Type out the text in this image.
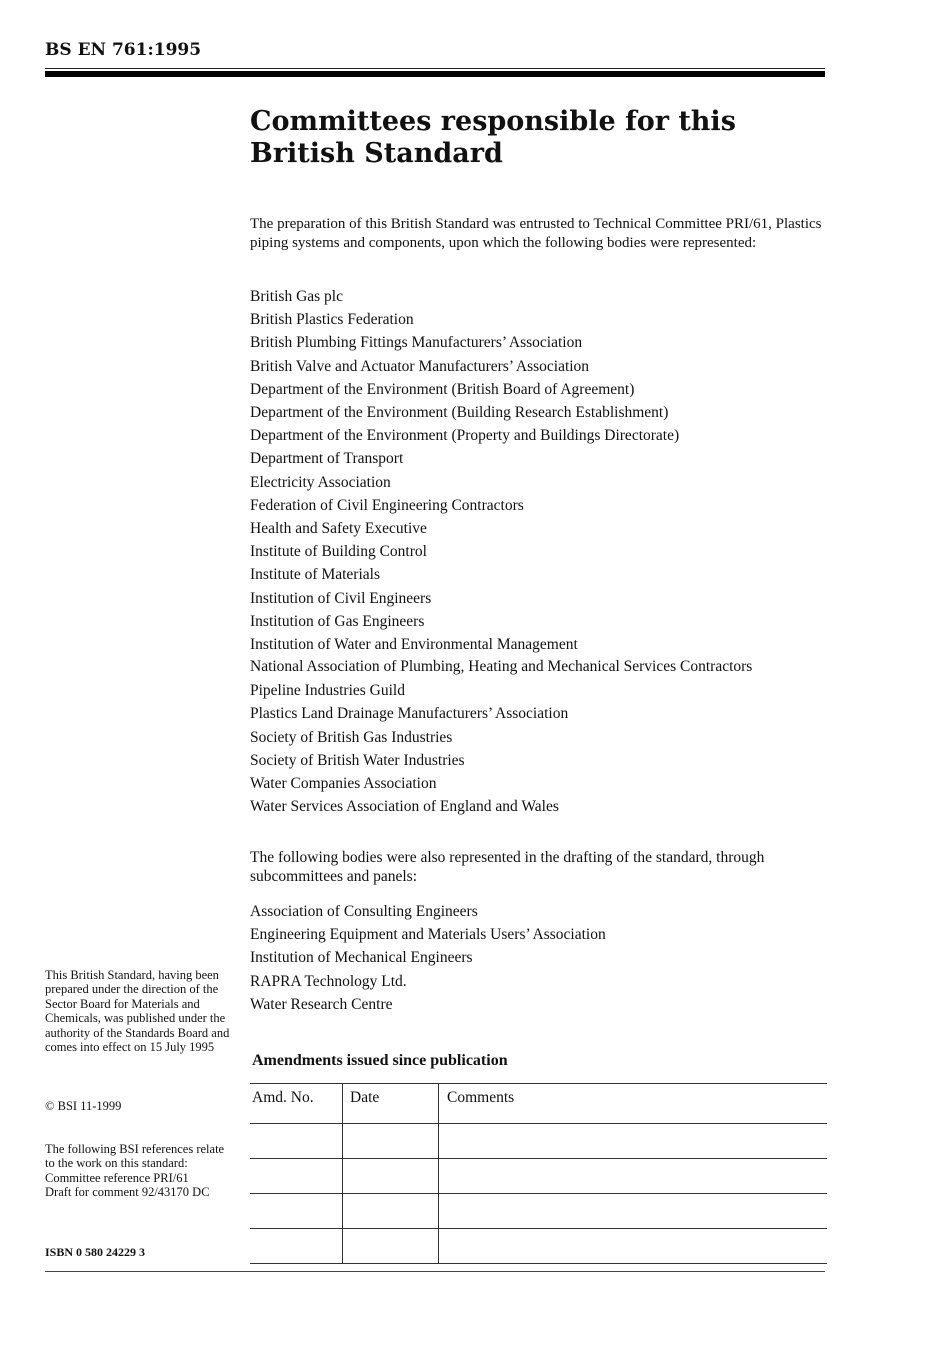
BS EN 761:1995
Committees responsible for this British Standard

The preparation of this British Standard was entrusted to Technical Committee PRI/61, Plastics piping systems and components, upon which the following bodies were represented:

British Gas plc
British Plastics Federation
British Plumbing Fittings Manufacturers’ Association
British Valve and Actuator Manufacturers’ Association
Department of the Environment (British Board of Agreement)
Department of the Environment (Building Research Establishment)
Department of the Environment (Property and Buildings Directorate)
Department of Transport
Electricity Association
Federation of Civil Engineering Contractors
Health and Safety Executive
Institute of Building Control
Institute of Materials
Institution of Civil Engineers
Institution of Gas Engineers
Institution of Water and Environmental Management
National Association of Plumbing, Heating and Mechanical Services Contractors
Pipeline Industries Guild
Plastics Land Drainage Manufacturers’ Association
Society of British Gas Industries
Society of British Water Industries
Water Companies Association
Water Services Association of England and Wales

The following bodies were also represented in the drafting of the standard, through subcommittees and panels:

Association of Consulting Engineers
Engineering Equipment and Materials Users’ Association
Institution of Mechanical Engineers
RAPRA Technology Ltd.
Water Research Centre
This British Standard, having been prepared under the direction of the Sector Board for Materials and Chemicals, was published under the authority of the Standards Board and comes into effect on 15 July 1995
© BSI 11-1999
The following BSI references relate to the work on this standard:
Committee reference PRI/61
Draft for comment 92/43170 DC
ISBN 0 580 24229 3
Amendments issued since publication
Amd. No.	Date	Comments
